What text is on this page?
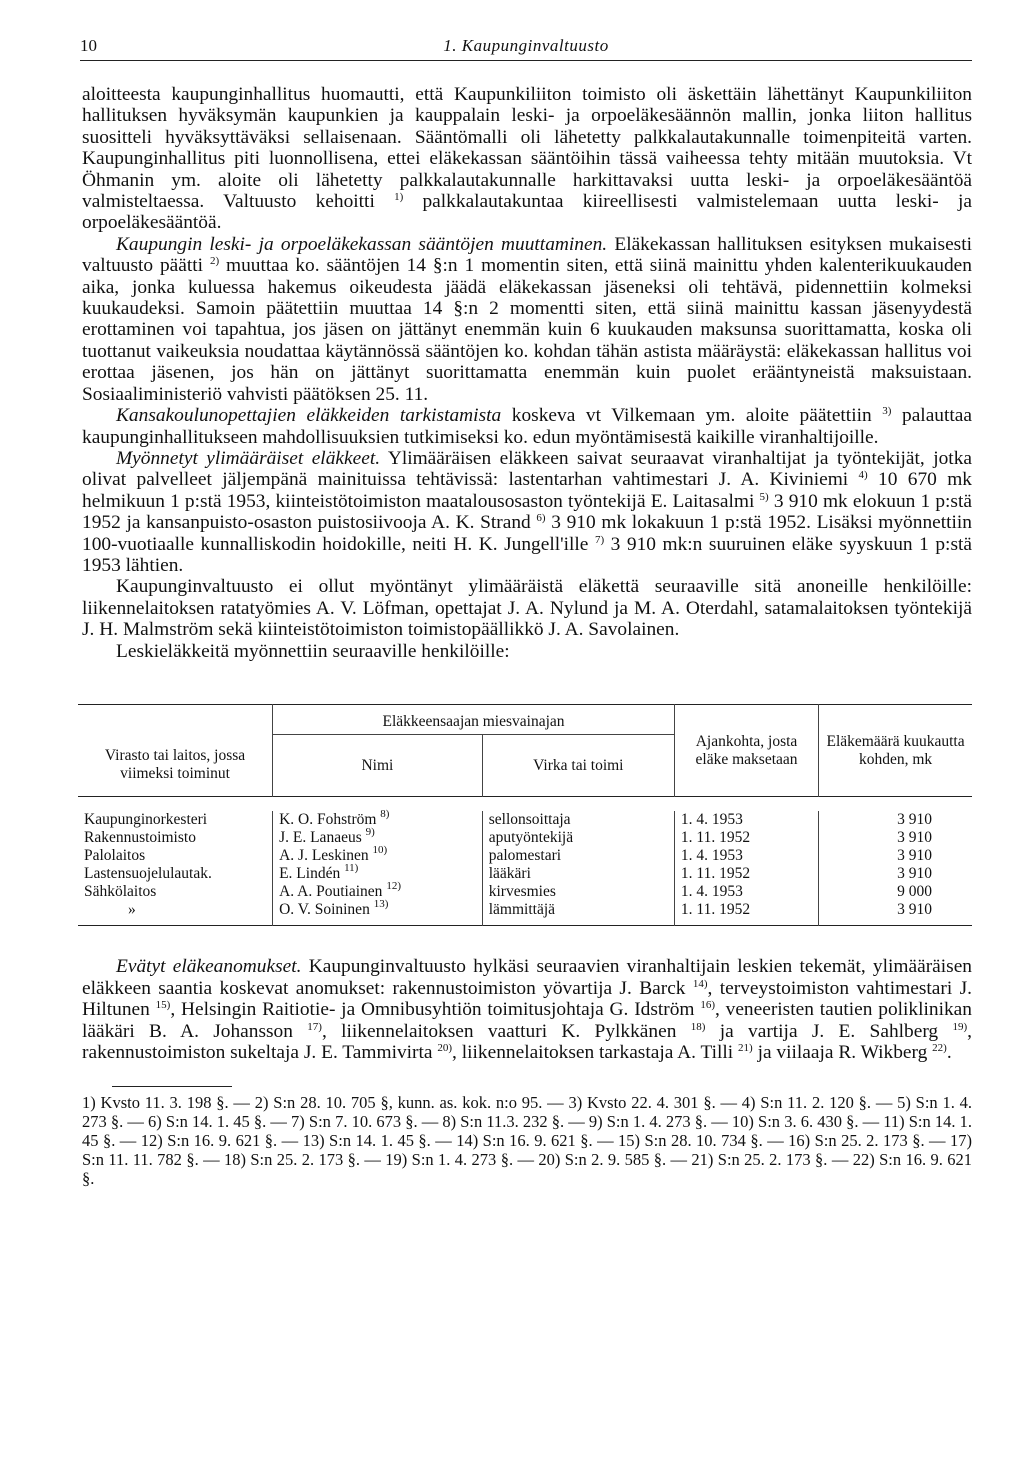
10	1. Kaupunginvaltuusto

aloitteesta kaupunginhallitus huomautti, että Kaupunkiliiton toimisto oli äskettäin lähettänyt Kaupunkiliiton hallituksen hyväksymän kaupunkien ja kauppalain leski- ja orpoeläkesäännön mallin, jonka liiton hallitus suositteli hyväksyttäväksi sellaisenaan. Sääntömalli oli lähetetty palkkalautakunnalle toimenpiteitä varten. Kaupunginhallitus piti luonnollisena, ettei eläkekassan sääntöihin tässä vaiheessa tehty mitään muutoksia. Vt Öhmanin ym. aloite oli lähetetty palkkalautakunnalle harkittavaksi uutta leski- ja orpoeläkesääntöä valmisteltaessa. Valtuusto kehoitti $^{1)}$ palkkalautakuntaa kiireellisesti valmistelemaan uutta leski- ja orpoeläkesääntöä.

Kaupungin leski- ja orpoeläkekassan sääntöjen muuttaminen. Eläkekassan hallituksen esityksen mukaisesti valtuusto päätti $^{2)}$ muuttaa ko. sääntöjen 14 §:n 1 momentin siten, että siinä mainittu yhden kalenterikuukauden aika, jonka kuluessa hakemus oikeudesta jäädä eläkekassan jäseneksi oli tehtävä, pidennettiin kolmeksi kuukaudeksi. Samoin päätettiin muuttaa 14 §:n 2 momentti siten, että siinä mainittu kassan jäsenyydestä erottaminen voi tapahtua, jos jäsen on jättänyt enemmän kuin 6 kuukauden maksunsa suorittamatta, koska oli tuottanut vaikeuksia noudattaa käytännössä sääntöjen ko. kohdan tähän astista määräystä: eläkekassan hallitus voi erottaa jäsenen, jos hän on jättänyt suorittamatta enemmän kuin puolet erääntyneistä maksuistaan. Sosiaaliministeriö vahvisti päätöksen 25. 11.

Kansakoulunopettajien eläkkeiden tarkistamista koskeva vt Vilkemaan ym. aloite päätettiin $^{3)}$ palauttaa kaupunginhallitukseen mahdollisuuksien tutkimiseksi ko. edun myöntämisestä kaikille viranhaltijoille.

Myönnetyt ylimääräiset eläkkeet. Ylimääräisen eläkkeen saivat seuraavat viranhaltijat ja työntekijät, jotka olivat palvelleet jäljempänä mainituissa tehtävissä: lastentarhan vahtimestari J. A. Kiviniemi $^{4)}$ 10 670 mk helmikuun 1 p:stä 1953, kiinteistötoimiston maatalousosaston työntekijä E. Laitasalmi $^{5)}$ 3 910 mk elokuun 1 p:stä 1952 ja kansanpuisto-osaston puistosiivooja A. K. Strand $^{6)}$ 3 910 mk lokakuun 1 p:stä 1952. Lisäksi myönnettiin 100-vuotiaalle kunnalliskodin hoidokille, neiti H. K. Jungell'ille $^{7)}$ 3 910 mk:n suuruinen eläke syyskuun 1 p:stä 1953 lähtien.

Kaupunginvaltuusto ei ollut myöntänyt ylimääräistä eläkettä seuraaville sitä anoneille henkilöille: liikennelaitoksen ratatyömies A. V. Löfman, opettajat J. A. Nylund ja M. A. Oterdahl, satamalaitoksen työntekijä J. H. Malmström sekä kiinteistötoimiston toimistopäällikkö J. A. Savolainen.

Leskieläkkeitä myönnettiin seuraaville henkilöille:

	Eläkkeensaajan miesvainajan		Ajankohta, josta eläke maksetaan	Eläkemäärä kuukautta kohden, mk
Virasto tai laitos, jossa viimeksi toiminut	Nimi	Virka tai toimi		

Kaupunginorkesteri	K. O. Fohström $^{8)}$	sellonsoittaja	1. 4. 1953	3 910
Rakennustoimisto	J. E. Lanaeus $^{9)}$	aputyöntekijä	1. 11. 1952	3 910
Palolaitos	A. J. Leskinen $^{10)}$	palomestari	1. 4. 1953	3 910
Lastensuojelulautak.	E. Lindén $^{11)}$	lääkäri	1. 11. 1952	3 910
Sähkölaitos	A. A. Poutiainen $^{12)}$	kirvesmies	1. 4. 1953	9 000
»	O. V. Soininen $^{13)}$	lämmittäjä	1. 11. 1952	3 910

Evätyt eläkeanomukset. Kaupunginvaltuusto hylkäsi seuraavien viranhaltijain leskien tekemät, ylimääräisen eläkkeen saantia koskevat anomukset: rakennustoimiston yövartija J. Barck $^{14)}$, terveystoimiston vahtimestari J. Hiltunen $^{15)}$, Helsingin Raitiotie- ja Omnibusyhtiön toimitusjohtaja G. Idström $^{16)}$, veneeristen tautien poliklinikan lääkäri B. A. Johansson $^{17)}$, liikennelaitoksen vaatturi K. Pylkkänen $^{18)}$ ja vartija J. E. Sahlberg $^{19)}$, rakennustoimiston sukeltaja J. E. Tammivirta $^{20)}$, liikennelaitoksen tarkastaja A. Tilli $^{21)}$ ja viilaaja R. Wikberg $^{22)}$.

1) Kvsto 11. 3. 198 §. — 2) S:n 28. 10. 705 §, kunn. as. kok. n:o 95. — 3) Kvsto 22. 4. 301 §. — 4) S:n 11. 2. 120 §. — 5) S:n 1. 4. 273 §. — 6) S:n 14. 1. 45 §. — 7) S:n 7. 10. 673 §. — 8) S:n 11.3. 232 §. — 9) S:n 1. 4. 273 §. — 10) S:n 3. 6. 430 §. — 11) S:n 14. 1. 45 §. — 12) S:n 16. 9. 621 §. — 13) S:n 14. 1. 45 §. — 14) S:n 16. 9. 621 §. — 15) S:n 28. 10. 734 §. — 16) S:n 25. 2. 173 §. — 17) S:n 11. 11. 782 §. — 18) S:n 25. 2. 173 §. — 19) S:n 1. 4. 273 §. — 20) S:n 2. 9. 585 §. — 21) S:n 25. 2. 173 §. — 22) S:n 16. 9. 621 §.
